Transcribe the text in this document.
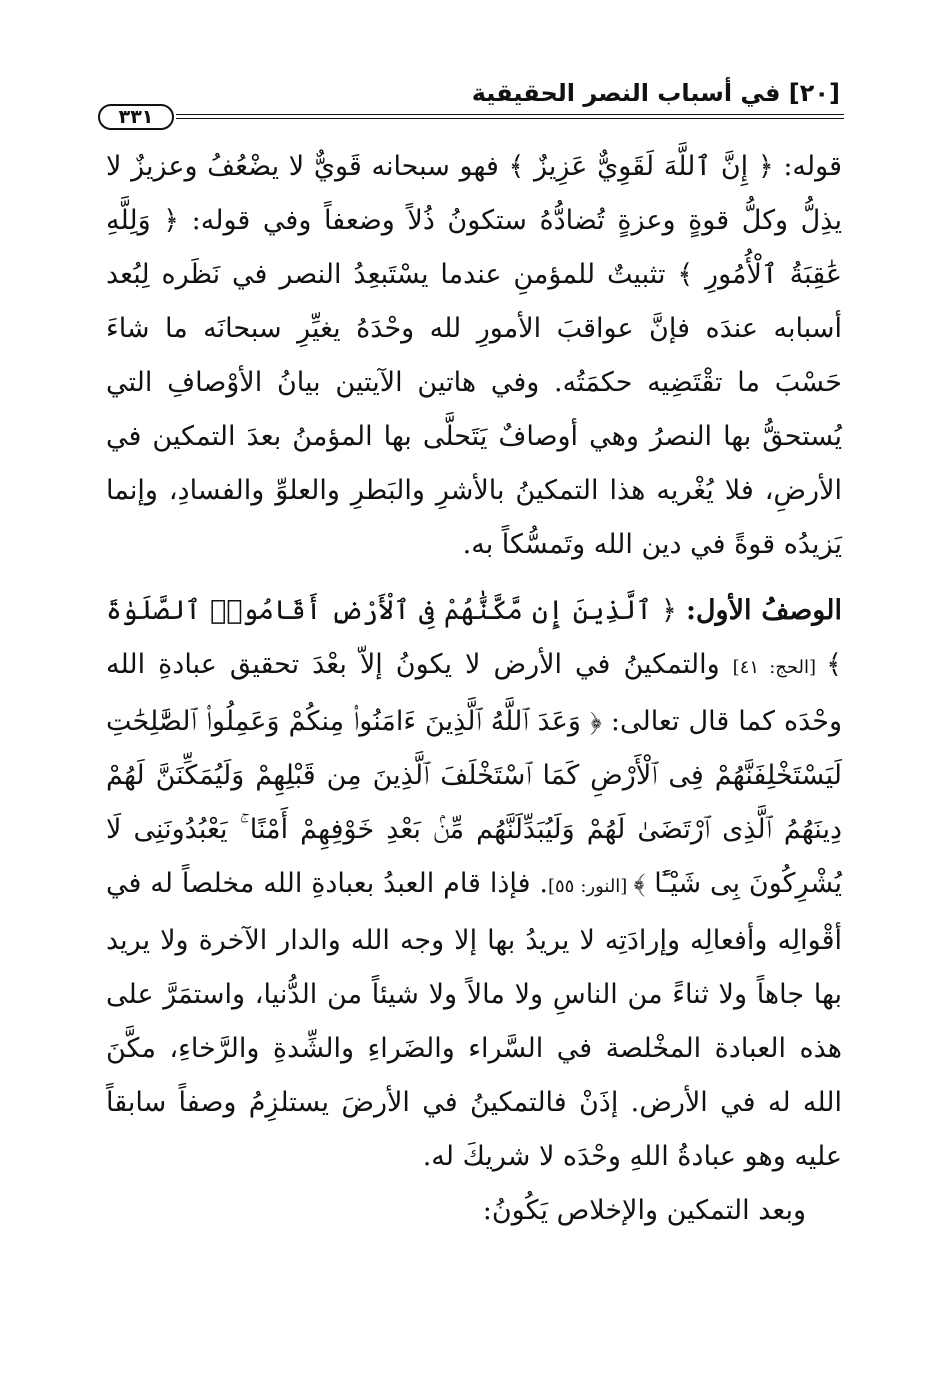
[٢٠] في أسباب النصر الحقيقية
٣٣١

قوله: ﴿ إِنَّ ٱللَّهَ لَقَوِيٌّ عَزِيزٌ ﴾ فهو سبحانه قَويٌّ لا يضْعُفُ وعزيزٌ لا يذِلُّ وكلُّ قوةٍ وعزةٍ تُضادُّهُ ستكونُ ذُلاً وضعفاً وفي قوله: ﴿ وَلِلَّهِ عَٰقِبَةُ ٱلْأُمُورِ ﴾ تثبيتٌ للمؤمنِ عندما يسْتَبعِدُ النصر في نَظَره لِبُعد أسبابه عندَه فإنَّ عواقبَ الأمورِ لله وحْدَهُ يغيِّرِ سبحانَه ما شاءَ حَسْبَ ما تقْتَضِيه حكمَتُه. وفي هاتين الآيتين بيانُ الأوْصافِ التي يُستحقُّ بها النصرُ وهي أوصافٌ يَتَحلَّى بها المؤمنُ بعدَ التمكين في الأرضِ، فلا يُغْريه هذا التمكينُ بالأشرِ والبَطرِ والعلوِّ والفسادِ، وإنما يَزيدُه قوةً في دين الله وتَمسُّكاً به.

الوصفُ الأول: ﴿ ٱلَّذِينَ إِن مَّكَّنَّٰهُمْ فِى ٱلْأَرْضِ أَقَامُوا۟ ٱلصَّلَوٰةَ ﴾ [الحج: ٤١] والتمكينُ في الأرض لا يكونُ إلاّ بعْدَ تحقيق عبادةِ الله وحْدَه كما قال تعالى: ﴿ وَعَدَ ٱللَّهُ ٱلَّذِينَ ءَامَنُوا۟ مِنكُمْ وَعَمِلُوا۟ ٱلصَّٰلِحَٰتِ لَيَسْتَخْلِفَنَّهُمْ فِى ٱلْأَرْضِ كَمَا ٱسْتَخْلَفَ ٱلَّذِينَ مِن قَبْلِهِمْ وَلَيُمَكِّنَنَّ لَهُمْ دِينَهُمُ ٱلَّذِى ٱرْتَضَىٰ لَهُمْ وَلَيُبَدِّلَنَّهُم مِّنۢ بَعْدِ خَوْفِهِمْ أَمْنًا ۚ يَعْبُدُونَنِى لَا يُشْرِكُونَ بِى شَيْـًٔا ﴾ [النور: ٥٥]. فإذا قام العبدُ بعبادةِ الله مخلصاً له في أقْوالِه وأفعالِه وإرادَتِه لا يريدُ بها إلا وجه الله والدار الآخرة ولا يريد بها جاهاً ولا ثناءً من الناسِ ولا مالاً ولا شيئاً من الدُّنيا، واستمَرَّ على هذه العبادة المخْلصة في السَّراء والضَراءِ والشِّدةِ والرَّخاءِ، مكَّنَ الله له في الأرض. إذَنْ فالتمكينُ في الأرضَ يستلزِمُ وصفاً سابقاً عليه وهو عبادةُ اللهِ وحْدَه لا شريكَ له.

وبعد التمكين والإخلاص يَكُونُ:
